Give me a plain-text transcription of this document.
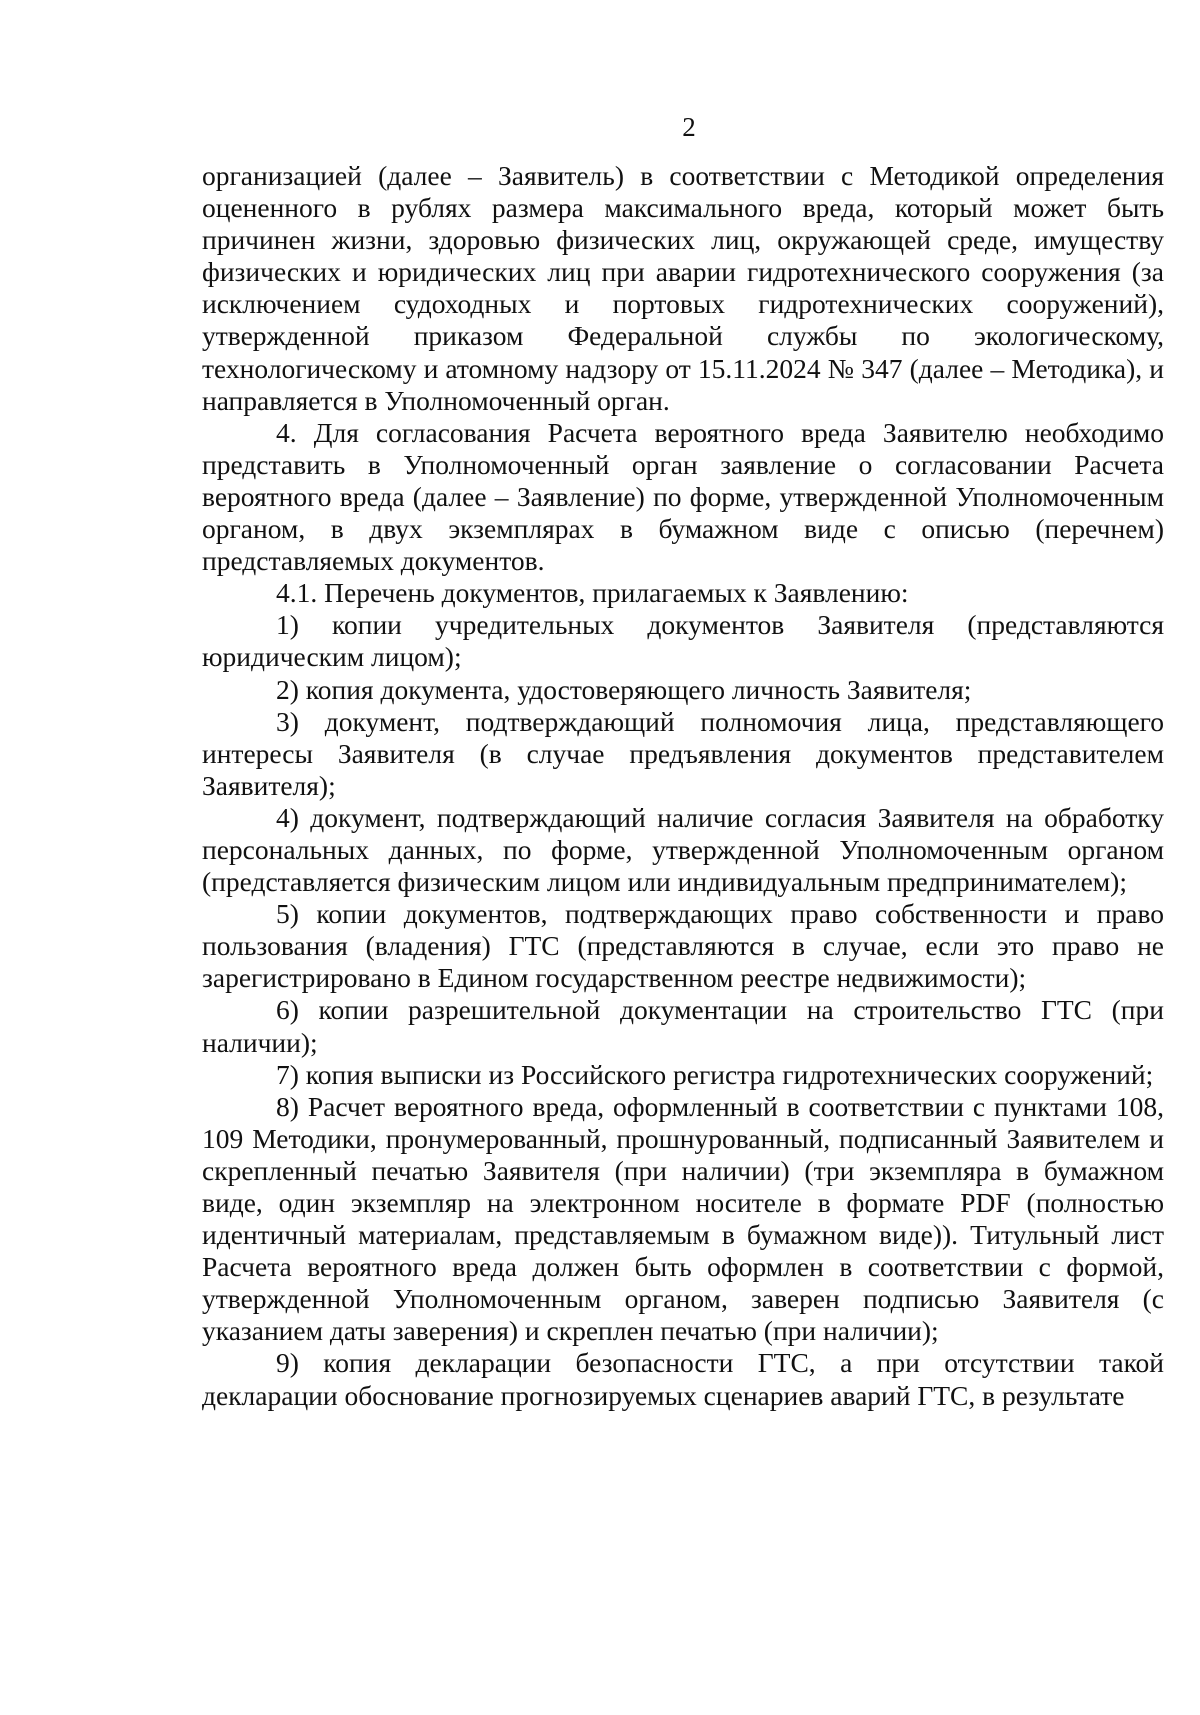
2

организацией (далее – Заявитель) в соответствии с Методикой определения оцененного в рублях размера максимального вреда, который может быть причинен жизни, здоровью физических лиц, окружающей среде, имуществу физических и юридических лиц при аварии гидротехнического сооружения (за исключением судоходных и портовых гидротехнических сооружений), утвержденной приказом Федеральной службы по экологическому, технологическому и атомному надзору от 15.11.2024 № 347 (далее – Методика), и направляется в Уполномоченный орган.

4. Для согласования Расчета вероятного вреда Заявителю необходимо представить в Уполномоченный орган заявление о согласовании Расчета вероятного вреда (далее – Заявление) по форме, утвержденной Уполномоченным органом, в двух экземплярах в бумажном виде с описью (перечнем) представляемых документов.

4.1. Перечень документов, прилагаемых к Заявлению:

1) копии учредительных документов Заявителя (представляются юридическим лицом);

2) копия документа, удостоверяющего личность Заявителя;

3) документ, подтверждающий полномочия лица, представляющего интересы Заявителя (в случае предъявления документов представителем Заявителя);

4) документ, подтверждающий наличие согласия Заявителя на обработку персональных данных, по форме, утвержденной Уполномоченным органом (представляется физическим лицом или индивидуальным предпринимателем);

5) копии документов, подтверждающих право собственности и право пользования (владения) ГТС (представляются в случае, если это право не зарегистрировано в Едином государственном реестре недвижимости);

6) копии разрешительной документации на строительство ГТС (при наличии);

7) копия выписки из Российского регистра гидротехнических сооружений;

8) Расчет вероятного вреда, оформленный в соответствии с пунктами 108, 109 Методики, пронумерованный, прошнурованный, подписанный Заявителем и скрепленный печатью Заявителя (при наличии) (три экземпляра в бумажном виде, один экземпляр на электронном носителе в формате PDF (полностью идентичный материалам, представляемым в бумажном виде)). Титульный лист Расчета вероятного вреда должен быть оформлен в соответствии с формой, утвержденной Уполномоченным органом, заверен подписью Заявителя (с указанием даты заверения) и скреплен печатью (при наличии);

9) копия декларации безопасности ГТС, а при отсутствии такой декларации обоснование прогнозируемых сценариев аварий ГТС, в результате
